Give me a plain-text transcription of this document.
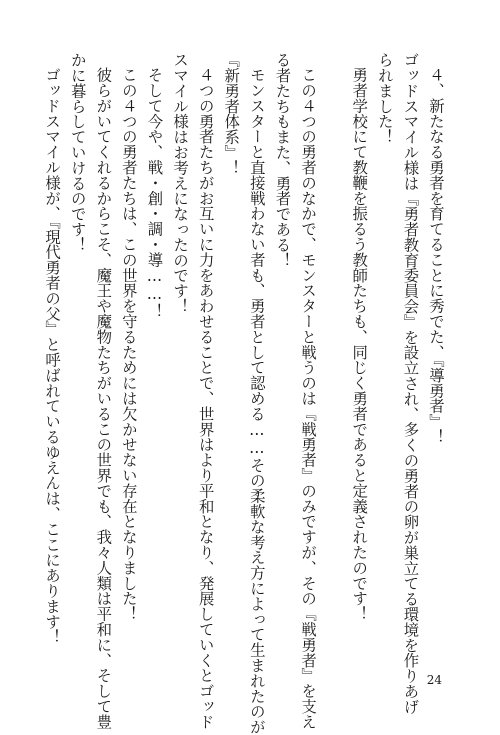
４、新たなる勇者を育てることに秀でた、『導勇者』！
ゴッドスマイル様は『勇者教育委員会』を設立され、多くの勇者の卵が巣立てる環境を作りあげ
られました！
勇者学校にて教鞭を振るう教師たちも、同じく勇者であると定義されたのです！

この４つの勇者のなかで、モンスターと戦うのは『戦勇者』のみですが、その『戦勇者』を支え
る者たちもまた、勇者である！
モンスターと直接戦わない者も、勇者として認める……その柔軟な考え方によって生まれたのが
『新勇者体系』！
４つの勇者たちがお互いに力をあわせることで、世界はより平和となり、発展していくとゴッド
スマイル様はお考えになったのです！
そして今や、戦・創・調・導……！
この４つの勇者たちは、この世界を守るためには欠かせない存在となりました！
彼らがいてくれるからこそ、魔王や魔物たちがいるこの世界でも、我々人類は平和に、そして豊
かに暮らしていけるのです！
ゴッドスマイル様が、『現代勇者の父』と呼ばれているゆえんは、ここにあります！
24
